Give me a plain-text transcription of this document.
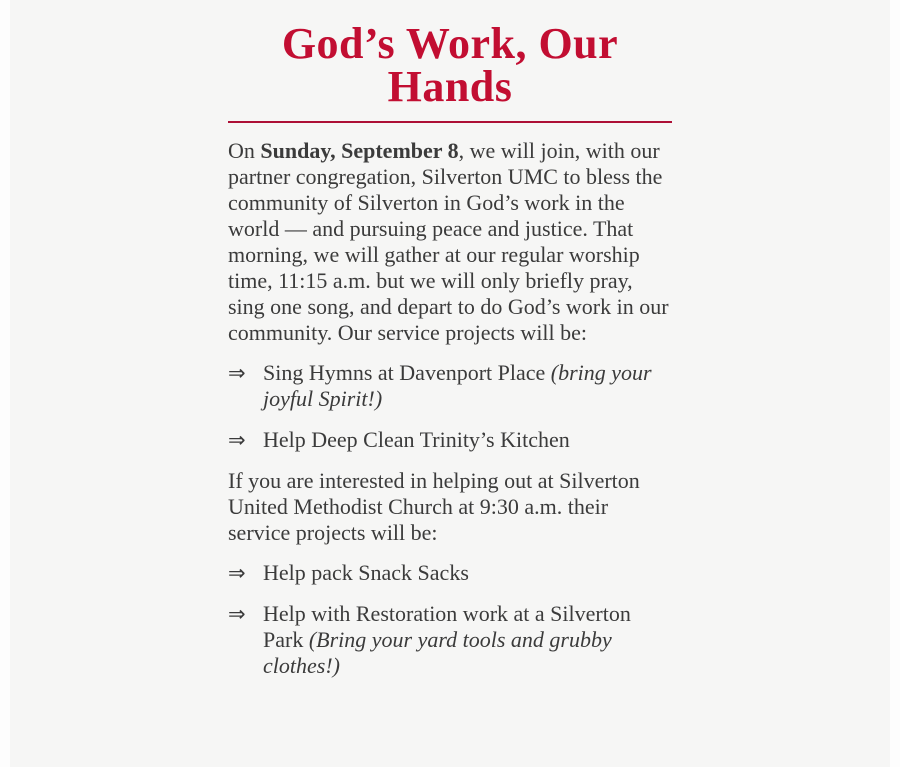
God’s Work, Our Hands

On Sunday, September 8, we will join, with our partner congregation, Silverton UMC to bless the community of Silverton in God’s work in the world — and pursuing peace and justice. That morning, we will gather at our regular worship time, 11:15 a.m. but we will only briefly pray, sing one song, and depart to do God’s work in our community. Our service projects will be:

⇒ Sing Hymns at Davenport Place (bring your joyful Spirit!)
⇒ Help Deep Clean Trinity’s Kitchen

If you are interested in helping out at Silverton United Methodist Church at 9:30 a.m. their service projects will be:

⇒ Help pack Snack Sacks
⇒ Help with Restoration work at a Silverton Park (Bring your yard tools and grubby clothes!)
